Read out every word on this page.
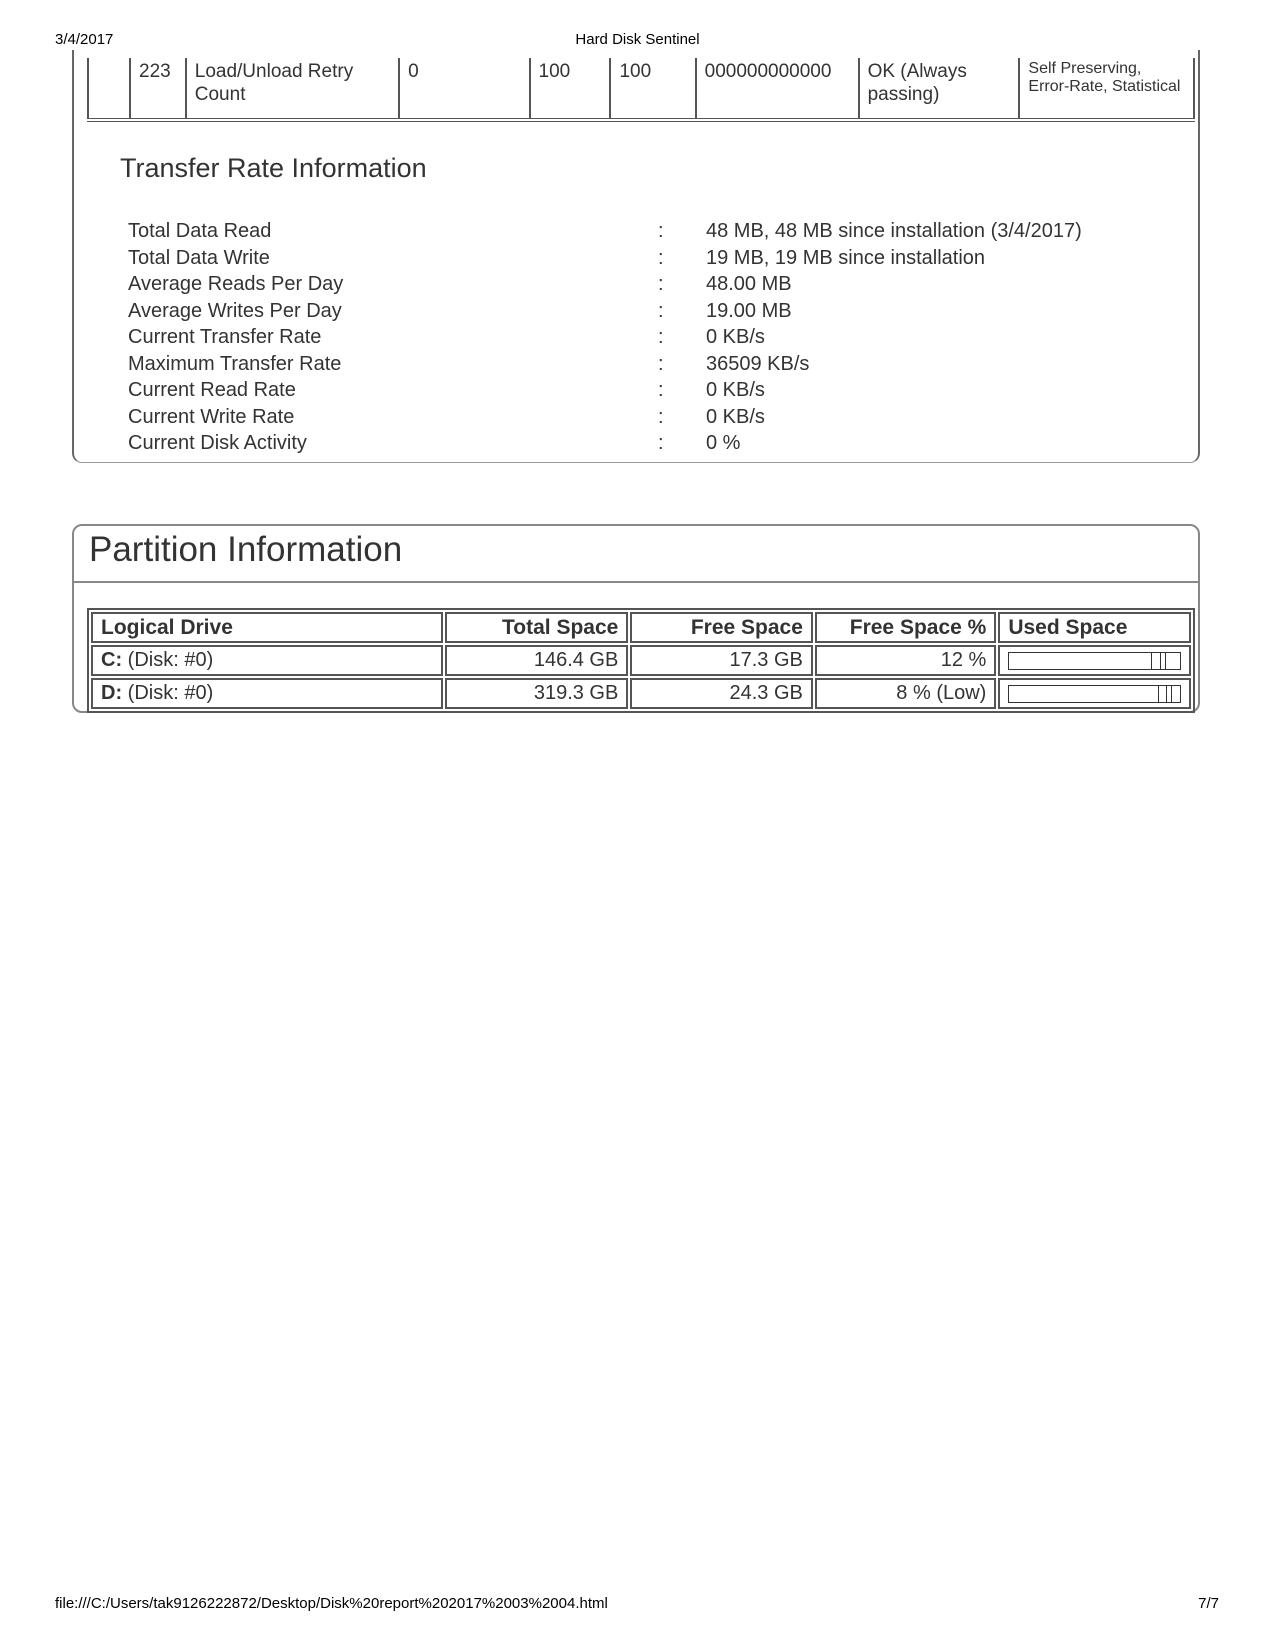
3/4/2017	Hard Disk Sentinel
	223	Load/Unload Retry Count	0	100	100	000000000000	OK (Always passing)	Self Preserving, Error-Rate, Statistical
Transfer Rate Information
Total Data Read	: 48 MB, 48 MB since installation (3/4/2017)
Total Data Write	: 19 MB, 19 MB since installation
Average Reads Per Day	: 48.00 MB
Average Writes Per Day	: 19.00 MB
Current Transfer Rate	: 0 KB/s
Maximum Transfer Rate	: 36509 KB/s
Current Read Rate	: 0 KB/s
Current Write Rate	: 0 KB/s
Current Disk Activity	: 0 %
Partition Information
Logical Drive	Total Space	Free Space	Free Space %	Used Space
C: (Disk: #0)	146.4 GB	17.3 GB	12 %	

D: (Disk: #0)	319.3 GB	24.3 GB	8 % (Low)	
file:///C:/Users/tak9126222872/Desktop/Disk%20report%202017%2003%2004.html	7/7
